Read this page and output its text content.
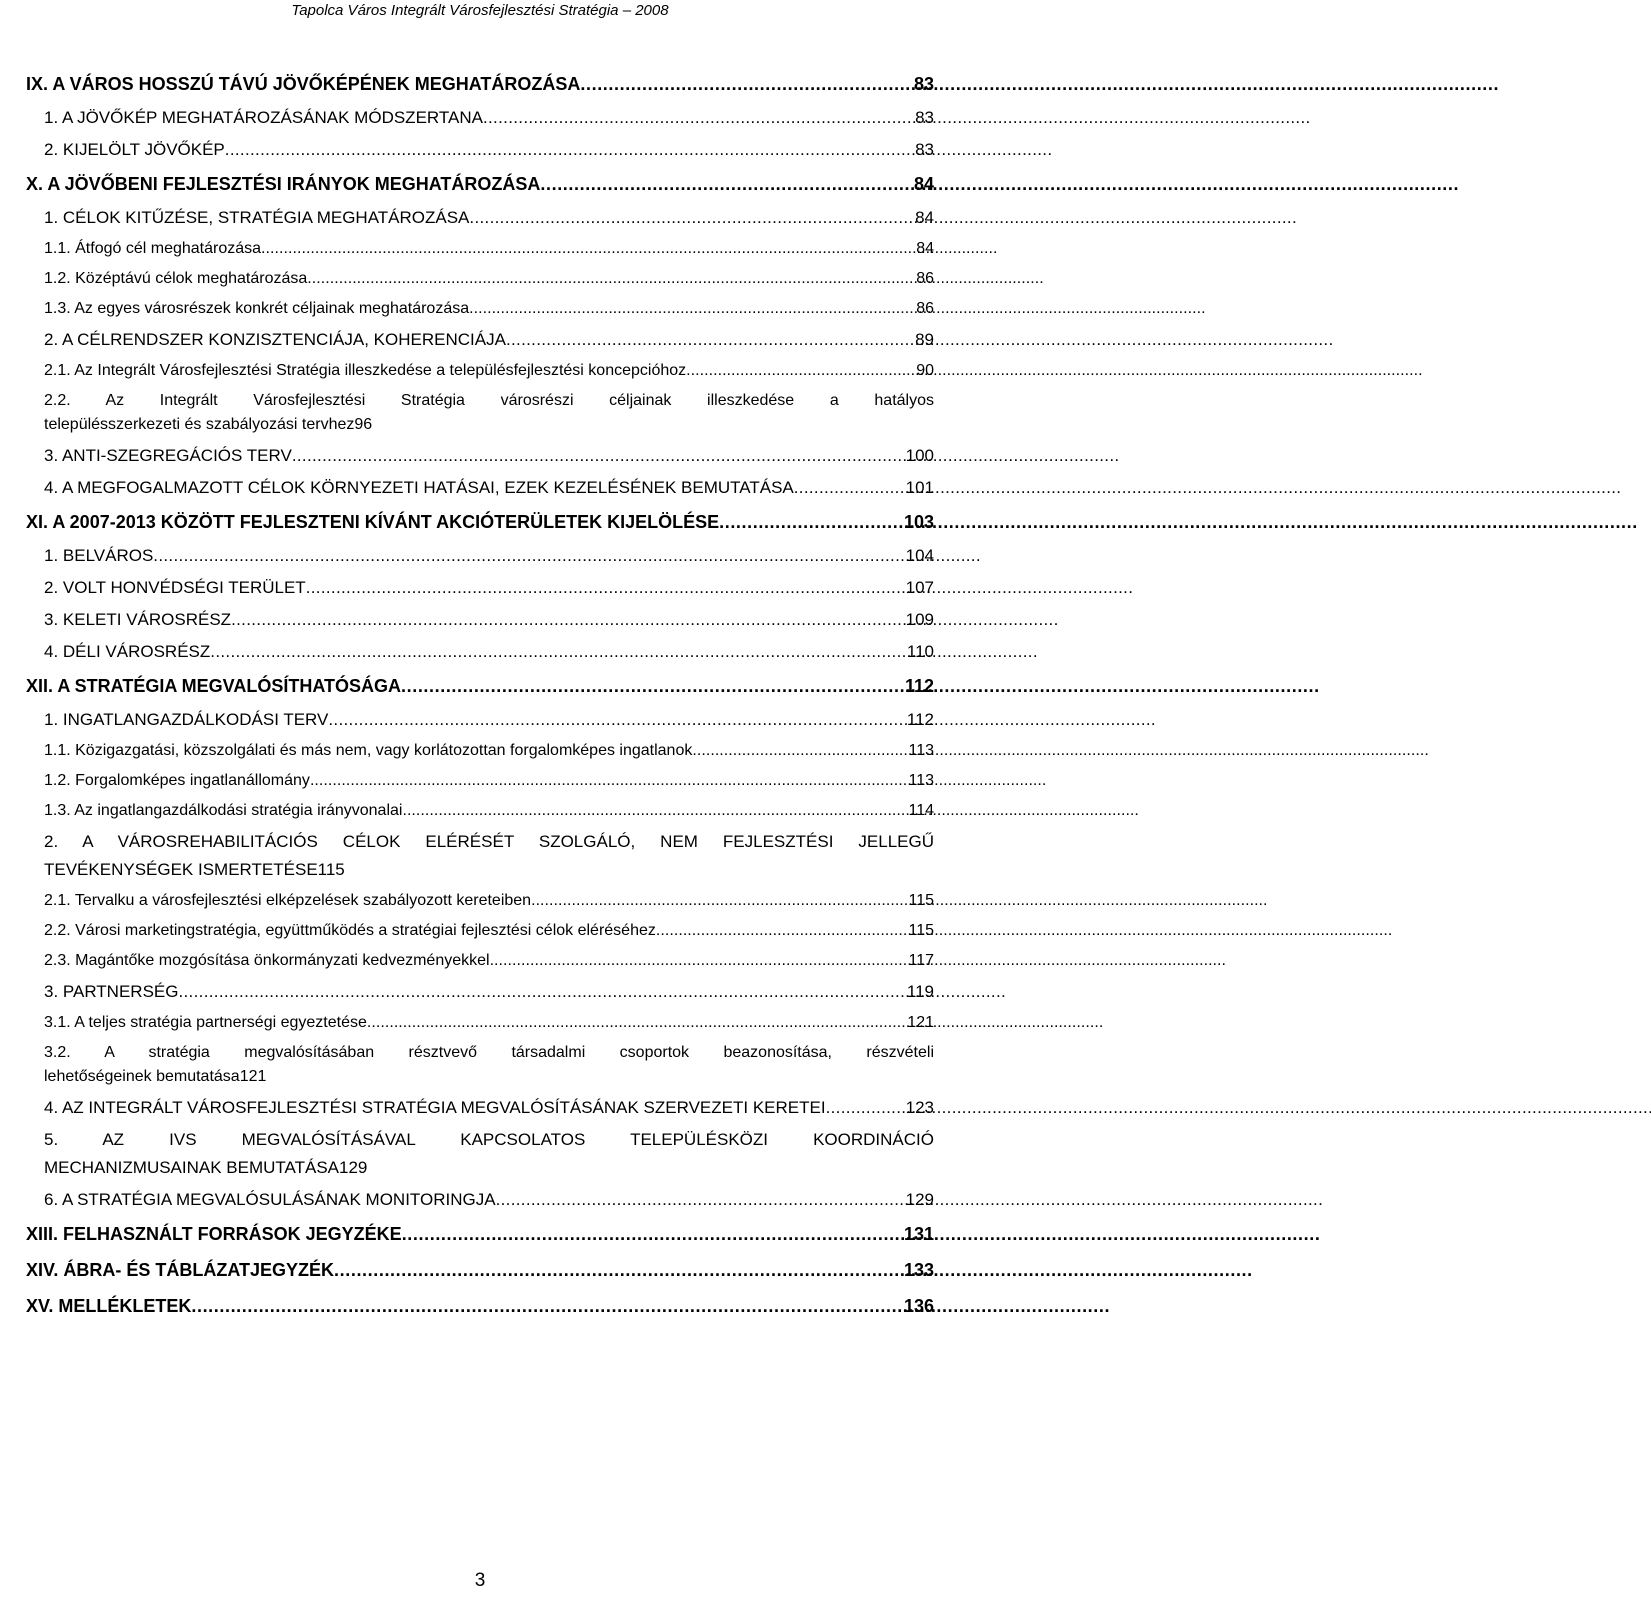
Tapolca Város Integrált Városfejlesztési Stratégia – 2008
IX. A VÁROS HOSSZÚ TÁVÚ JÖVŐKÉPÉNEK MEGHATÁROZÁSA . . .	83
1. A JÖVŐKÉP MEGHATÁROZÁSÁNAK MÓDSZERTANA . . .	83
2. KIJELÖLT JÖVŐKÉP . . .	83
X. A JÖVŐBENI FEJLESZTÉSI IRÁNYOK MEGHATÁROZÁSA . . .	84
1. CÉLOK KITŰZÉSE, STRATÉGIA MEGHATÁROZÁSA . . .	84
1.1. Átfogó cél meghatározása . . .	84
1.2. Középtávú célok meghatározása . . .	86
1.3. Az egyes városrészek konkrét céljainak meghatározása . . .	86
2. A CÉLRENDSZER KONZISZTENCIÁJA, KOHERENCIÁJA . . .	89
2.1. Az Integrált Városfejlesztési Stratégia illeszkedése a településfejlesztési koncepcióhoz . . .	90
2.2. Az Integrált Városfejlesztési Stratégia városrészi céljainak illeszkedése a hatályos
településszerkezeti és szabályozási tervhez 96
3. ANTI-SZEGREGÁCIÓS TERV . . .	100
4. A MEGFOGALMAZOTT CÉLOK KÖRNYEZETI HATÁSAI, EZEK KEZELÉSÉNEK BEMUTATÁSA . . .	101
XI. A 2007-2013 KÖZÖTT FEJLESZTENI KÍVÁNT AKCIÓTERÜLETEK KIJELÖLÉSE . . .	103
1. BELVÁROS . . .	104
2. VOLT HONVÉDSÉGI TERÜLET . . .	107
3. KELETI VÁROSRÉSZ . . .	109
4. DÉLI VÁROSRÉSZ . . .	110
XII. A STRATÉGIA MEGVALÓSÍTHATÓSÁGA . . .	112
1. INGATLANGAZDÁLKODÁSI TERV . . .	112
1.1. Közigazgatási, közszolgálati és más nem, vagy korlátozottan forgalomképes ingatlanok . . .	113
1.2. Forgalomképes ingatlanállomány . . .	113
1.3. Az ingatlangazdálkodási stratégia irányvonalai . . .	114
2. A VÁROSREHABILITÁCIÓS CÉLOK ELÉRÉSÉT SZOLGÁLÓ, NEM FEJLESZTÉSI JELLEGŰ
TEVÉKENYSÉGEK ISMERTETÉSE 115
2.1. Tervalku a városfejlesztési elképzelések szabályozott kereteiben . . .	115
2.2. Városi marketingstratégia, együttműködés a stratégiai fejlesztési célok eléréséhez . . .	115
2.3. Magántőke mozgósítása önkormányzati kedvezményekkel . . .	117
3. PARTNERSÉG . . .	119
3.1. A teljes stratégia partnerségi egyeztetése . . .	121
3.2. A stratégia megvalósításában résztvevő társadalmi csoportok beazonosítása, részvételi
lehetőségeinek bemutatása 121
4. AZ INTEGRÁLT VÁROSFEJLESZTÉSI STRATÉGIA MEGVALÓSÍTÁSÁNAK SZERVEZETI KERETEI . . .	123
5. AZ IVS MEGVALÓSÍTÁSÁVAL KAPCSOLATOS TELEPÜLÉSKÖZI KOORDINÁCIÓ
MECHANIZMUSAINAK BEMUTATÁSA 129
6. A STRATÉGIA MEGVALÓSULÁSÁNAK MONITORINGJA . . .	129
XIII. FELHASZNÁLT FORRÁSOK JEGYZÉKE . . .	131
XIV. ÁBRA- ÉS TÁBLÁZATJEGYZÉK . . .	133
XV. MELLÉKLETEK . . .	136
3
